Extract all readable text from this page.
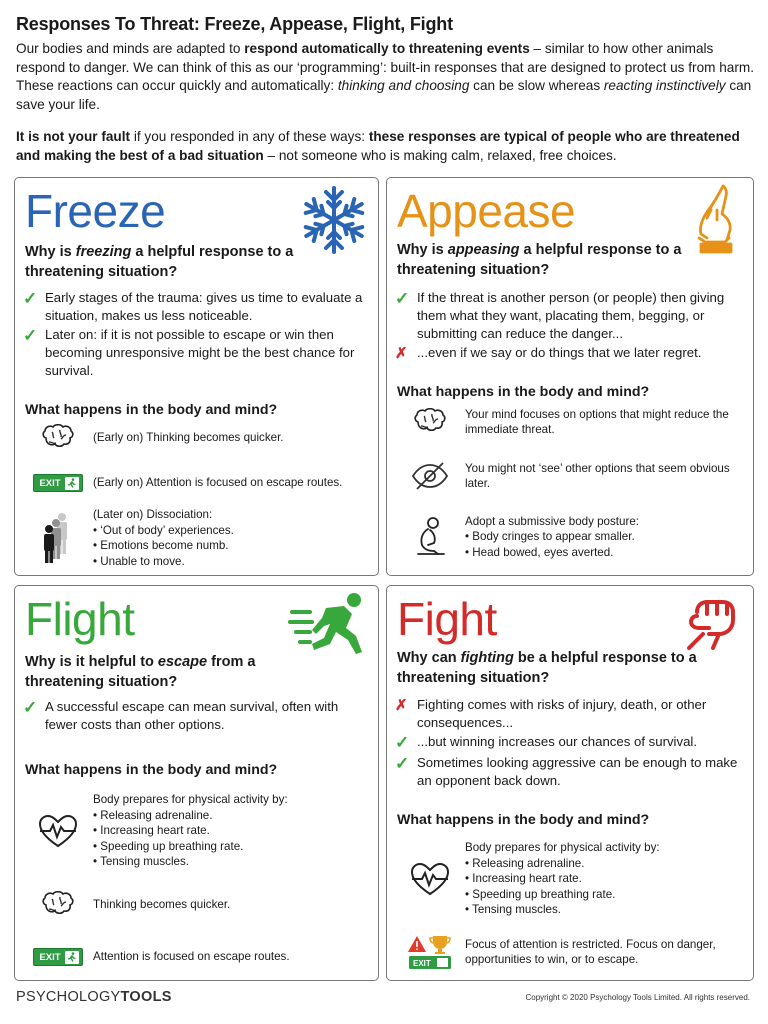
Responses To Threat: Freeze, Appease, Flight, Fight

Our bodies and minds are adapted to respond automatically to threatening events – similar to how other animals respond to danger. We can think of this as our ‘programming’: built-in responses that are designed to protect us from harm. These reactions can occur quickly and automatically: thinking and choosing can be slow whereas reacting instinctively can save your life.

It is not your fault if you responded in any of these ways: these responses are typical of people who are threatened and making the best of a bad situation – not someone who is making calm, relaxed, free choices.

Freeze
Why is freezing a helpful response to a threatening situation?
✓ Early stages of the trauma: gives us time to evaluate a situation, makes us less noticeable.
✓ Later on: if it is not possible to escape or win then becoming unresponsive might be the best chance for survival.
What happens in the body and mind?
(Early on) Thinking becomes quicker.
EXIT	(Early on) Attention is focused on escape routes.
(Later on) Dissociation:
• ‘Out of body’ experiences.
• Emotions become numb.
• Unable to move.
Appease
Why is appeasing a helpful response to a threatening situation?
✓ If the threat is another person (or people) then giving them what they want, placating them, begging, or submitting can reduce the danger...
✗ ...even if we say or do things that we later regret.
What happens in the body and mind?
Your mind focuses on options that might reduce the immediate threat.
You might not ‘see’ other options that seem obvious later.
Adopt a submissive body posture:
• Body cringes to appear smaller.
• Head bowed, eyes averted.
Flight
Why is it helpful to escape from a threatening situation?
✓ A successful escape can mean survival, often with fewer costs than other options.
What happens in the body and mind?
Body prepares for physical activity by:
• Releasing adrenaline.
• Increasing heart rate.
• Speeding up breathing rate.
• Tensing muscles.
Thinking becomes quicker.
EXIT	Attention is focused on escape routes.
Fight
Why can fighting be a helpful response to a threatening situation?
✗ Fighting comes with risks of injury, death, or other consequences...
✓ ...but winning increases our chances of survival.
✓ Sometimes looking aggressive can be enough to make an opponent back down.
What happens in the body and mind?
Body prepares for physical activity by:
• Releasing adrenaline.
• Increasing heart rate.
• Speeding up breathing rate.
• Tensing muscles.
EXIT
Focus of attention is restricted. Focus on danger, opportunities to win, or to escape.
PSYCHOLOGYTOOLS	Copyright © 2020 Psychology Tools Limited. All rights reserved.
